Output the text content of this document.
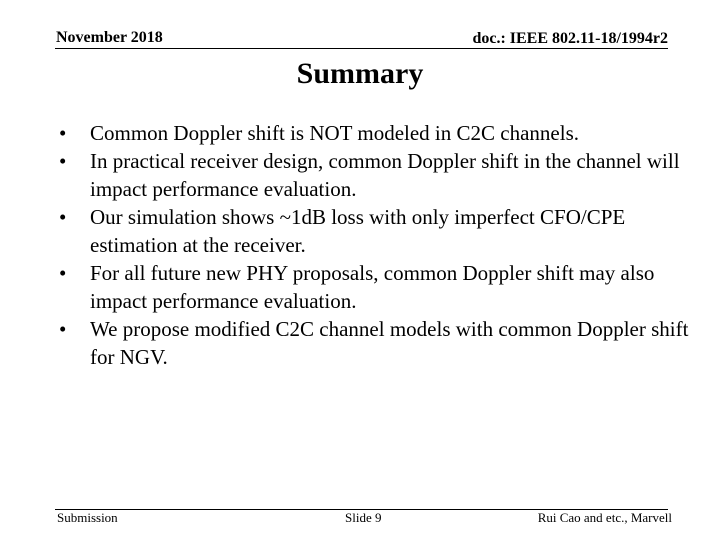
November 2018	doc.: IEEE 802.11-18/1994r2
Summary
•	Common Doppler shift is NOT modeled in C2C channels.
•	In practical receiver design, common Doppler shift in the channel will impact performance evaluation.
•	Our simulation shows ~1dB loss with only imperfect CFO/CPE estimation at the receiver.
•	For all future new PHY proposals, common Doppler shift may also impact performance evaluation.
•	We propose modified C2C channel models with common Doppler shift for NGV.
Submission	Slide 9	Rui Cao and etc., Marvell
